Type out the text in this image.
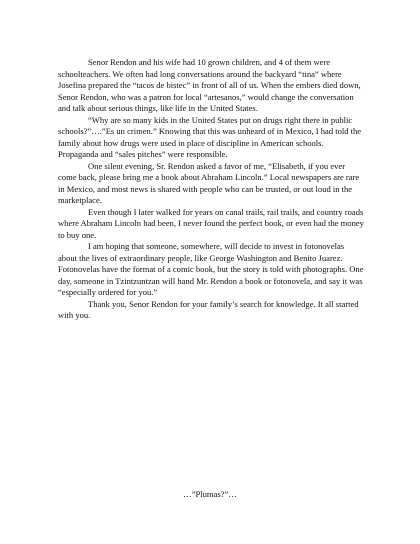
Senor Rendon and his wife had 10 grown children, and 4 of them were schoolteachers. We often had long conversations around the backyard “tina” where Josefina prepared the “tacos de bistec” in front of all of us. When the embers died down, Senor Rendon, who was a patron for local “artesanos,” would change the conversation and talk about serious things, like life in the United States.

“Why are so many kids in the United States put on drugs right there in public schools?”….”Es un crimen.” Knowing that this was unheard of in Mexico, I had told the family about how drugs were used in place of discipline in American schools. Propaganda and “sales pitches” were responsible.

One silent evening, Sr. Rendon asked a favor of me, “Elisabeth, if you ever come back, please bring me a book about Abraham Lincoln.” Local newspapers are rare in Mexico, and most news is shared with people who can be trusted, or out loud in the marketplace.

Even though I later walked for years on canal trails, rail trails, and country roads where Abraham Lincoln had been, I never found the perfect book, or even had the money to buy one.

I am hoping that someone, somewhere, will decide to invest in fotonovelas about the lives of extraordinary people, like George Washington and Benito Juarez. Fotonovelas have the format of a comic book, but the story is told with photographs. One day, someone in Tzintzuntzan will hand Mr. Rendon a book or fotonovela, and say it was “especially ordered for you.”

Thank you, Senor Rendon for your family’s search for knowledge. It all started with you.

…”Plumas?”…
